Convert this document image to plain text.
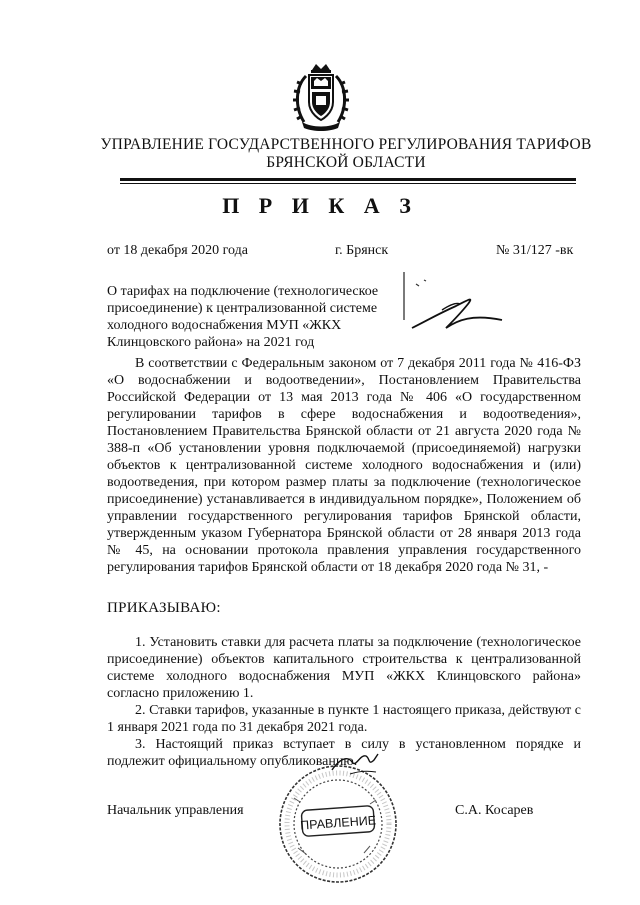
УПРАВЛЕНИЕ ГОСУДАРСТВЕННОГО РЕГУЛИРОВАНИЯ ТАРИФОВ
БРЯНСКОЙ ОБЛАСТИ
П Р И К А З
от 18 декабря 2020 года	г. Брянск	№ 31/127 -вк
О тарифах на подключение (технологическое присоединение) к централизованной системе холодного водоснабжения МУП «ЖКХ Клинцовского района» на 2021 год

В соответствии с Федеральным законом от 7 декабря 2011 года № 416-ФЗ «О водоснабжении и водоотведении», Постановлением Правительства Российской Федерации от 13 мая 2013 года № 406 «О государственном регулировании тарифов в сфере водоснабжения и водоотведения», Постановлением Правительства Брянской области от 21 августа 2020 года № 388-п «Об установлении уровня подключаемой (присоединяемой) нагрузки объектов к централизованной системе холодного водоснабжения и (или) водоотведения, при котором размер платы за подключение (технологическое присоединение) устанавливается в индивидуальном порядке», Положением об управлении государственного регулирования тарифов Брянской области, утвержденным указом Губернатора Брянской области от 28 января 2013 года № 45, на основании протокола правления управления государственного регулирования тарифов Брянской области от 18 декабря 2020 года № 31, -

ПРИКАЗЫВАЮ:

1. Установить ставки для расчета платы за подключение (технологическое присоединение) объектов капитального строительства к централизованной системе холодного водоснабжения МУП «ЖКХ Клинцовского района» согласно приложению 1.

2. Ставки тарифов, указанные в пункте 1 настоящего приказа, действуют с 1 января 2021 года по 31 декабря 2021 года.

3. Настоящий приказ вступает в силу в установленном порядке и подлежит официальному опубликованию.

Начальник управления	С.А. Косарев
ПРАВЛЕНИЕ
